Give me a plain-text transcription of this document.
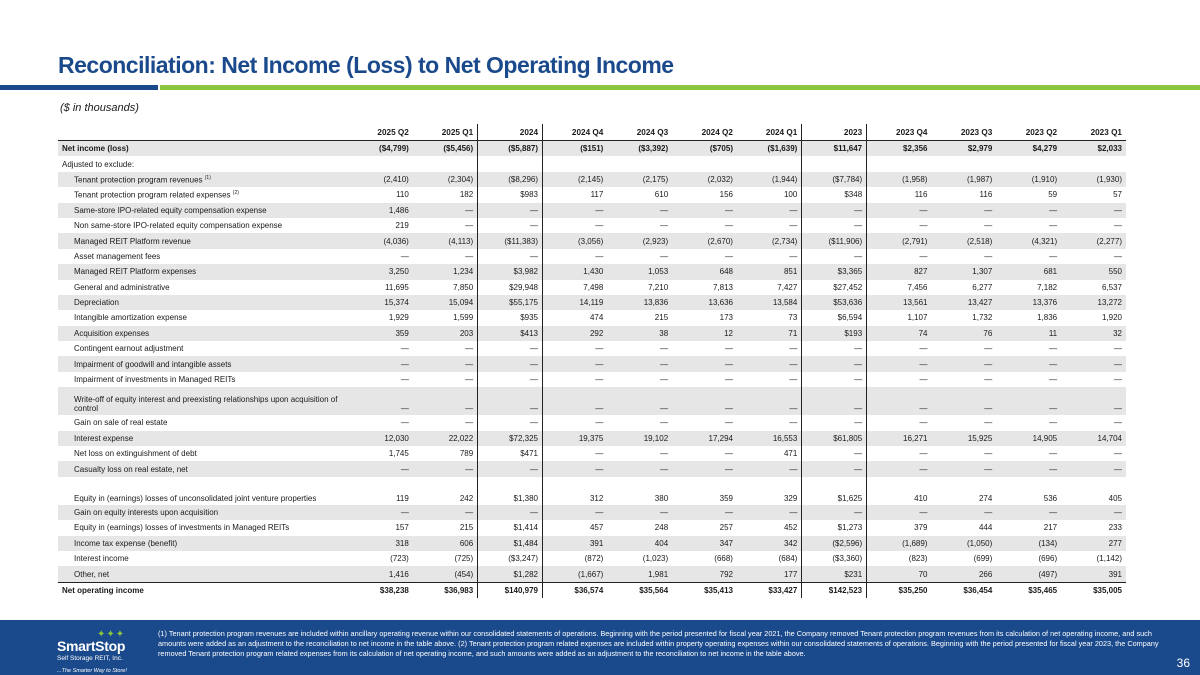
Reconciliation: Net Income (Loss) to Net Operating Income
($ in thousands)
	2025 Q2	2025 Q1	2024	2024 Q4	2024 Q3	2024 Q2	2024 Q1	2023	2023 Q4	2023 Q3	2023 Q2	2023 Q1
Net income (loss)	($4,799)	($5,456)	($5,887)	($151)	($3,392)	($705)	($1,639)	$11,647	$2,356	$2,979	$4,279	$2,033
Adjusted to exclude:												
Tenant protection program revenues $^{(1)}$	(2,410)	(2,304)	($8,296)	(2,145)	(2,175)	(2,032)	(1,944)	($7,784)	(1,958)	(1,987)	(1,910)	(1,930)
Tenant protection program related expenses $^{(2)}$	110	182	$983	117	610	156	100	$348	116	116	59	57
Same-store IPO-related equity compensation expense	1,486	—	—	—	—	—	—	—	—	—	—	—
Non same-store IPO-related equity compensation expense	219	—	—	—	—	—	—	—	—	—	—	—
Managed REIT Platform revenue	(4,036)	(4,113)	($11,383)	(3,056)	(2,923)	(2,670)	(2,734)	($11,906)	(2,791)	(2,518)	(4,321)	(2,277)
Asset management fees	—	—	—	—	—	—	—	—	—	—	—	—
Managed REIT Platform expenses	3,250	1,234	$3,982	1,430	1,053	648	851	$3,365	827	1,307	681	550
General and administrative	11,695	7,850	$29,948	7,498	7,210	7,813	7,427	$27,452	7,456	6,277	7,182	6,537
Depreciation	15,374	15,094	$55,175	14,119	13,836	13,636	13,584	$53,636	13,561	13,427	13,376	13,272
Intangible amortization expense	1,929	1,599	$935	474	215	173	73	$6,594	1,107	1,732	1,836	1,920
Acquisition expenses	359	203	$413	292	38	12	71	$193	74	76	11	32
Contingent earnout adjustment	—	—	—	—	—	—	—	—	—	—	—	—
Impairment of goodwill and intangible assets	—	—	—	—	—	—	—	—	—	—	—	—
Impairment of investments in Managed REITs	—	—	—	—	—	—	—	—	—	—	—	—
Write-off of equity interest and preexisting relationships upon acquisition of control	—	—	—	—	—	—	—	—	—	—	—	—
Gain on sale of real estate	—	—	—	—	—	—	—	—	—	—	—	—
Interest expense	12,030	22,022	$72,325	19,375	19,102	17,294	16,553	$61,805	16,271	15,925	14,905	14,704
Net loss on extinguishment of debt	1,745	789	$471	—	—	—	471	—	—	—	—	—
Casualty loss on real estate, net	—	—	—	—	—	—	—	—	—	—	—	—
Equity in (earnings) losses of unconsolidated joint venture properties	119	242	$1,380	312	380	359	329	$1,625	410	274	536	405
Gain on equity interests upon acquisition	—	—	—	—	—	—	—	—	—	—	—	—
Equity in (earnings) losses of investments in Managed REITs	157	215	$1,414	457	248	257	452	$1,273	379	444	217	233
Income tax expense (benefit)	318	606	$1,484	391	404	347	342	($2,596)	(1,689)	(1,050)	(134)	277
Interest income	(723)	(725)	($3,247)	(872)	(1,023)	(668)	(684)	($3,360)	(823)	(699)	(696)	(1,142)
Other, net	1,416	(454)	$1,282	(1,667)	1,981	792	177	$231	70	266	(497)	391
Net operating income	$38,238	$36,983	$140,979	$36,574	$35,564	$35,413	$33,427	$142,523	$35,250	$36,454	$35,465	$35,005
✦✦✦
SmartStop
Self Storage REIT, Inc.
...The Smarter Way to Store!
(1) Tenant protection program revenues are included within ancillary operating revenue within our consolidated statements of operations. Beginning with the period presented for fiscal year 2021, the Company removed Tenant protection program revenues from its calculation of net operating income, and such amounts were added as an adjustment to the reconciliation to net income in the table above. (2) Tenant protection program related expenses are included within property operating expenses within our consolidated statements of operations. Beginning with the period presented for fiscal year 2023, the Company removed Tenant protection program related expenses from its calculation of net operating income, and such amounts were added as an adjustment to the reconciliation to net income in the table above.
36
